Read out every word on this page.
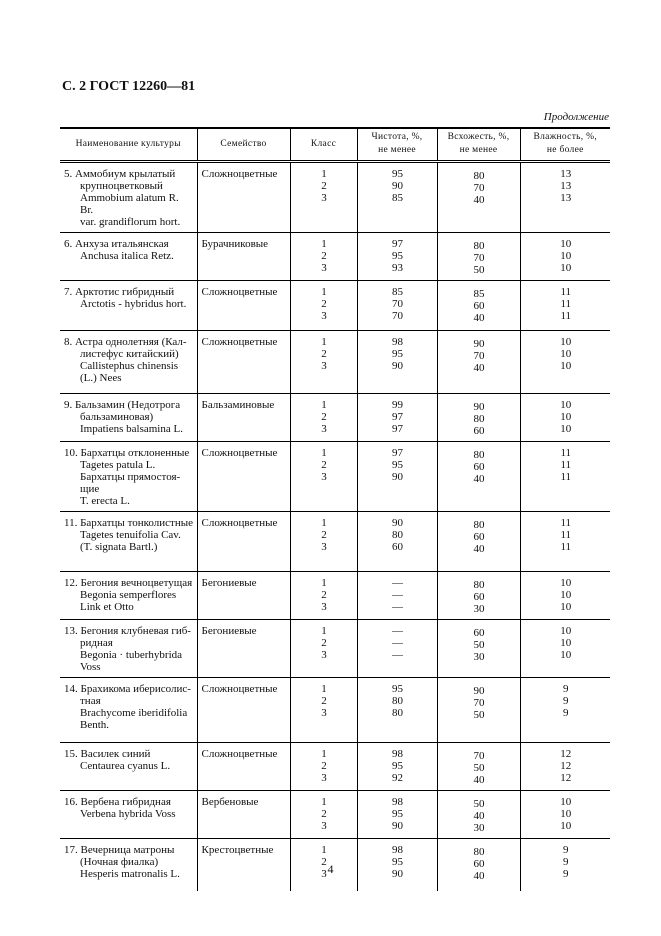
С. 2 ГОСТ 12260—81
Продолжение
Наименование культуры	Семейство	Класс	Чистота, %,
не менее	Всхожесть, %,
не менее	Влажность, %,
не более

5. Аммобиум крылатый
крупноцветковый
Ammobium alatum R. Br.
var. grandiflorum hort.	Сложноцветные	1
2
3	95
90
85	80
70
40	13
13
13

6. Анхуза итальянская
Anchusa italica Retz.	Бурачниковые	1
2
3	97
95
93	80
70
50	10
10
10

7. Арктотис гибридный
Arctotis - hybridus hort.	Сложноцветные	1
2
3	85
70
70	85
60
40	11
11
11

8. Астра однолетняя (Кал-
листефус китайский)
Callistephus chinensis
(L.) Nees	Сложноцветные	1
2
3	98
95
90	90
70
40	10
10
10

9. Бальзамин (Недотрога
бальзаминовая)
Impatiens balsamina L.	Бальзаминовые	1
2
3	99
97
97	90
80
60	10
10
10

10. Бархатцы отклоненные
Tagetes patula L.
Бархатцы прямостоя-
щие
T. erecta L.	Сложноцветные	1
2
3	97
95
90	80
60
40	11
11
11

11. Бархатцы тонколистные
Tagetes tenuifolia Cav.
(T. signata Bartl.)	Сложноцветные	1
2
3	90
80
60	80
60
40	11
11
11

12. Бегония вечноцветущая
Begonia semperflores
Link et Otto	Бегониевые	1
2
3	—
—
—	80
60
30	10
10
10

13. Бегония клубневая гиб-
ридная
Begonia · tuberhybrida
Voss	Бегониевые	1
2
3	—
—
—	60
50
30	10
10
10

14. Брахикома иберисолис-
тная
Brachycome iberidifolia
Benth.	Сложноцветные	1
2
3	95
80
80	90
70
50	9
9
9

15. Василек синий
Centaurea cyanus L.	Сложноцветные	1
2
3	98
95
92	70
50
40	12
12
12

16. Вербена гибридная
Verbena hybrida Voss	Вербеновые	1
2
3	98
95
90	50
40
30	10
10
10

17. Вечерница матроны
(Ночная фиалка)
Hesperis matronalis L.	Крестоцветные	1
2
3	98
95
90	80
60
40	9
9
9
4
